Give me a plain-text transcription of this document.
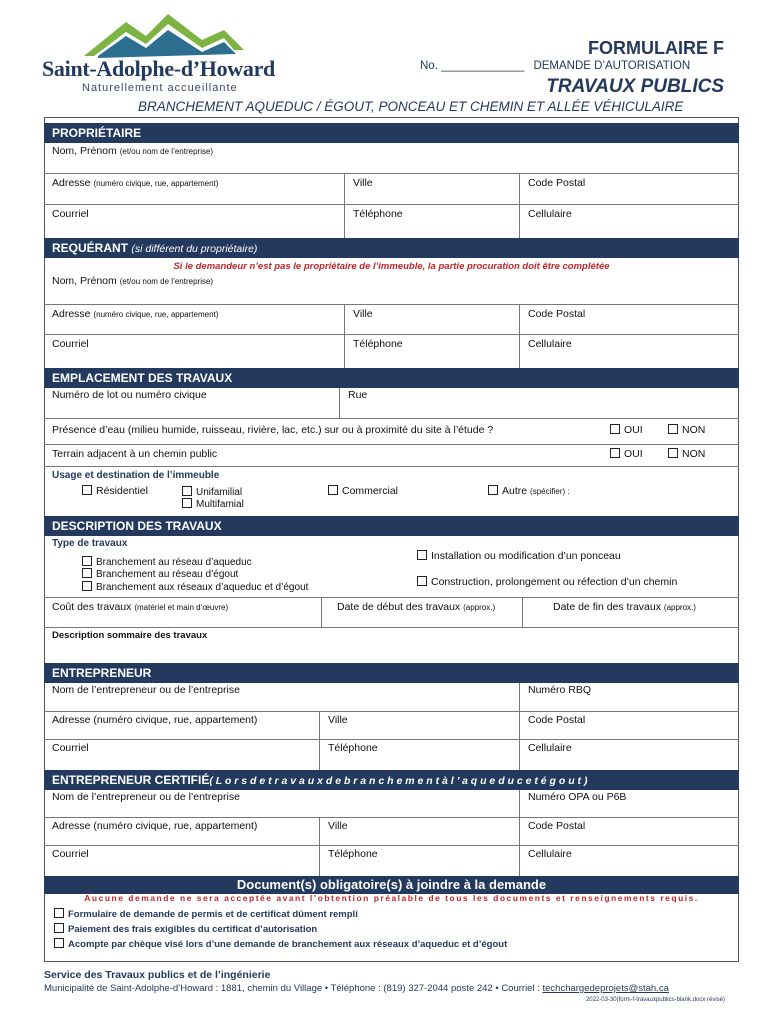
Saint-Adolphe-d’Howard
Naturellement accueillante
FORMULAIRE F
No. _____________ DEMANDE D’AUTORISATION
TRAVAUX PUBLICS
BRANCHEMENT AQUEDUC / ÉGOUT, PONCEAU ET CHEMIN ET ALLÉE VÉHICULAIRE
PROPRIÉTAIRE
Nom, Prénom (et/ou nom de l’entreprise)
Adresse (numéro civique, rue, appartement)	Ville	Code Postal
Courriel	Téléphone	Cellulaire
REQUÉRANT (si différent du propriétaire)
Si le demandeur n’est pas le propriétaire de l’immeuble, la partie procuration doit être complétée
Nom, Prénom (et/ou nom de l’entreprise)
Adresse (numéro civique, rue, appartement)	Ville	Code Postal
Courriel	Téléphone	Cellulaire
EMPLACEMENT DES TRAVAUX
Numéro de lot ou numéro civique	Rue
Présence d’eau (milieu humide, ruisseau, rivière, lac, etc.) sur ou à proximité du site à l’étude ?	OUI	NON
Terrain adjacent à un chemin public	OUI	NON
Usage et destination de l’immeuble
Résidentiel	Unifamilial
Multifamial
Commercial	Autre (spécifier) :
DESCRIPTION DES TRAVAUX
Type de travaux
Branchement au réseau d’aqueduc
Branchement au réseau d’égout
Branchement aux réseaux d’aqueduc et d’égout
Installation ou modification d’un ponceau
Construction, prolongement ou réfection d’un chemin
Coût des travaux (matériel et main d’œuvre)	Date de début des travaux (approx.)	Date de fin des travaux (approx.)
Description sommaire des travaux
ENTREPRENEUR
Nom de l’entrepreneur ou de l’entreprise	Numéro RBQ
Adresse (numéro civique, rue, appartement)	Ville	Code Postal
Courriel	Téléphone	Cellulaire
ENTREPRENEUR CERTIFIÉ( L o r s d e t r a v a u x d e b r a n c h e m e n t à l ’ a q u e d u c e t é g o u t )
Nom de l’entrepreneur ou de l’entreprise	Numéro OPA ou P6B
Adresse (numéro civique, rue, appartement)	Ville	Code Postal
Courriel	Téléphone	Cellulaire
Document(s) obligatoire(s) à joindre à la demande
Aucune demande ne sera acceptée avant l’obtention préalable de tous les documents et renseignements requis.
Formulaire de demande de permis et de certificat dûment rempli
Paiement des frais exigibles du certificat d’autorisation
Acompte par chèque visé lors d’une demande de branchement aux réseaux d’aqueduc et d’égout
Service des Travaux publics et de l’ingénierie
Municipalité de Saint-Adolphe-d’Howard : 1881, chemin du Village • Téléphone : (819) 327-2044 poste 242 • Courriel : techchargedeprojets@stah.ca
2022-03-30(form-f-travauxpublics-blank.docx révisé)
